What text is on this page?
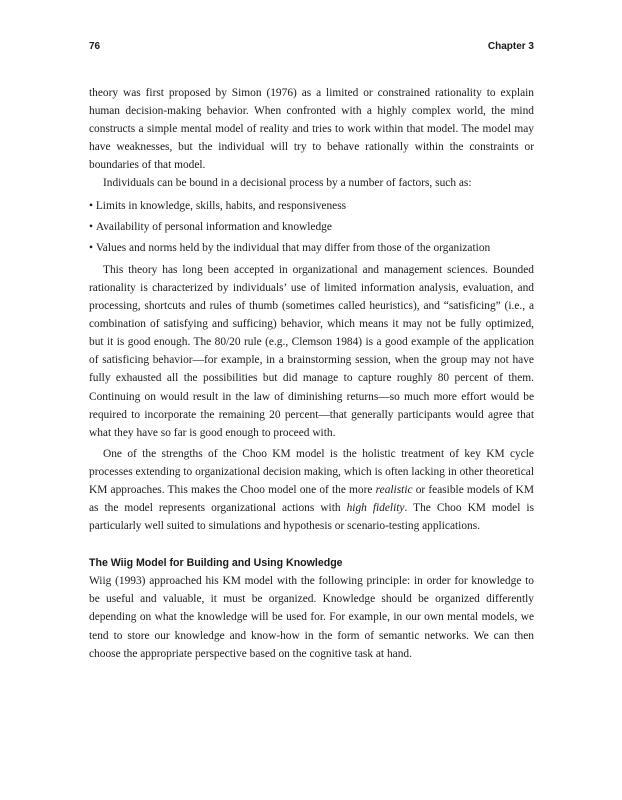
76	Chapter 3

theory was first proposed by Simon (1976) as a limited or constrained rationality to explain human decision-making behavior. When confronted with a highly complex world, the mind constructs a simple mental model of reality and tries to work within that model. The model may have weaknesses, but the individual will try to behave rationally within the constraints or boundaries of that model.

Individuals can be bound in a decisional process by a number of factors, such as:

• Limits in knowledge, skills, habits, and responsiveness
• Availability of personal information and knowledge
• Values and norms held by the individual that may differ from those of the organization

This theory has long been accepted in organizational and management sciences. Bounded rationality is characterized by individuals’ use of limited information analysis, evaluation, and processing, shortcuts and rules of thumb (sometimes called heuristics), and “satisficing” (i.e., a combination of satisfying and sufficing) behavior, which means it may not be fully optimized, but it is good enough. The 80/20 rule (e.g., Clemson 1984) is a good example of the application of satisficing behavior—for example, in a brainstorming session, when the group may not have fully exhausted all the possibilities but did manage to capture roughly 80 percent of them. Continuing on would result in the law of diminishing returns—so much more effort would be required to incorporate the remaining 20 percent—that generally participants would agree that what they have so far is good enough to proceed with.

One of the strengths of the Choo KM model is the holistic treatment of key KM cycle processes extending to organizational decision making, which is often lacking in other theoretical KM approaches. This makes the Choo model one of the more realistic or feasible models of KM as the model represents organizational actions with high fidelity. The Choo KM model is particularly well suited to simulations and hypothesis or scenario-testing applications.

The Wiig Model for Building and Using Knowledge

Wiig (1993) approached his KM model with the following principle: in order for knowledge to be useful and valuable, it must be organized. Knowledge should be organized differently depending on what the knowledge will be used for. For example, in our own mental models, we tend to store our knowledge and know-how in the form of semantic networks. We can then choose the appropriate perspective based on the cognitive task at hand.
